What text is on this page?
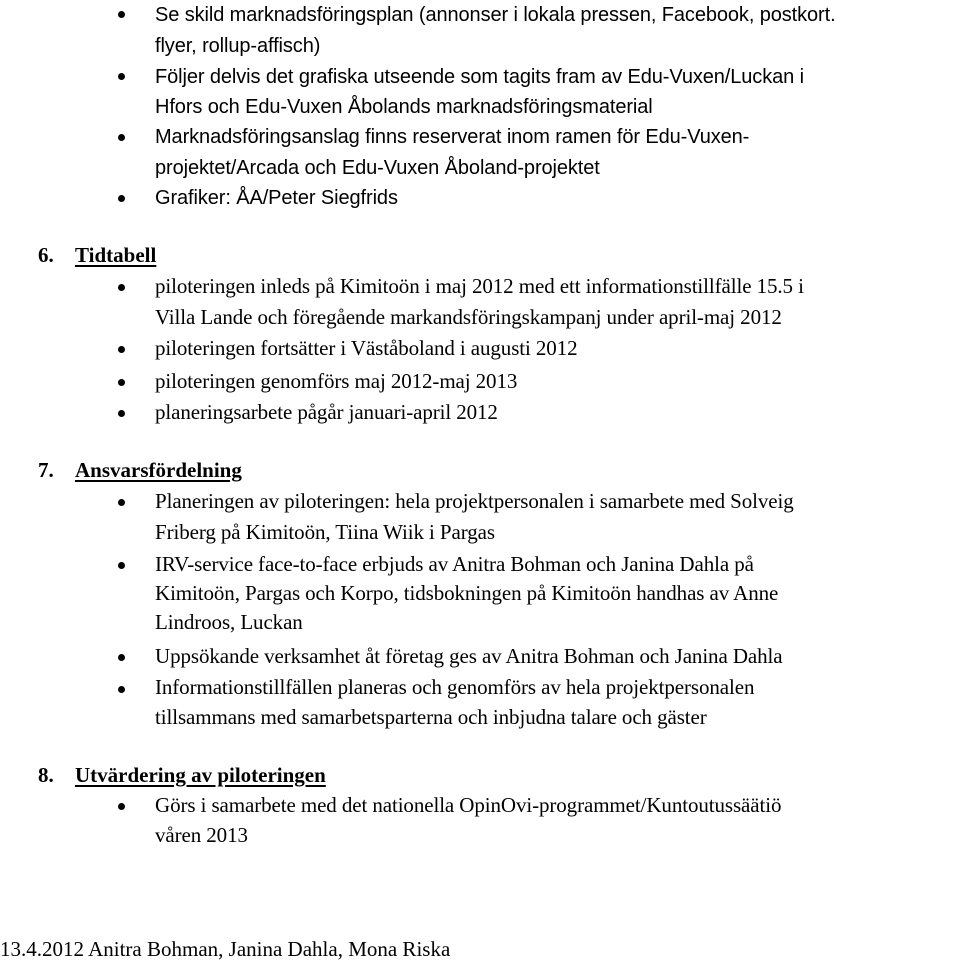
Se skild marknadsföringsplan (annonser i lokala pressen, Facebook, postkort.
flyer, rollup-affisch)
Följer delvis det grafiska utseende som tagits fram av Edu-Vuxen/Luckan i
Hfors och Edu-Vuxen Åbolands marknadsföringsmaterial
Marknadsföringsanslag finns reserverat inom ramen för Edu-Vuxen-
projektet/Arcada och Edu-Vuxen Åboland-projektet
Grafiker: ÅA/Peter Siegfrids
6. Tidtabell
piloteringen inleds på Kimitoön i maj 2012 med ett informationstillfälle 15.5 i
Villa Lande och föregående markandsföringskampanj under april-maj 2012
piloteringen fortsätter i Väståboland i augusti 2012
piloteringen genomförs maj 2012-maj 2013
planeringsarbete pågår januari-april 2012
7. Ansvarsfördelning
Planeringen av piloteringen: hela projektpersonalen i samarbete med Solveig
Friberg på Kimitoön, Tiina Wiik i Pargas
IRV-service face-to-face erbjuds av Anitra Bohman och Janina Dahla på
Kimitoön, Pargas och Korpo, tidsbokningen på Kimitoön handhas av Anne
Lindroos, Luckan
Uppsökande verksamhet åt företag ges av Anitra Bohman och Janina Dahla
Informationstillfällen planeras och genomförs av hela projektpersonalen
tillsammans med samarbetsparterna och inbjudna talare och gäster
8. Utvärdering av piloteringen
Görs i samarbete med det nationella OpinOvi-programmet/Kuntoutussäätiö
våren 2013
13.4.2012 Anitra Bohman, Janina Dahla, Mona Riska
